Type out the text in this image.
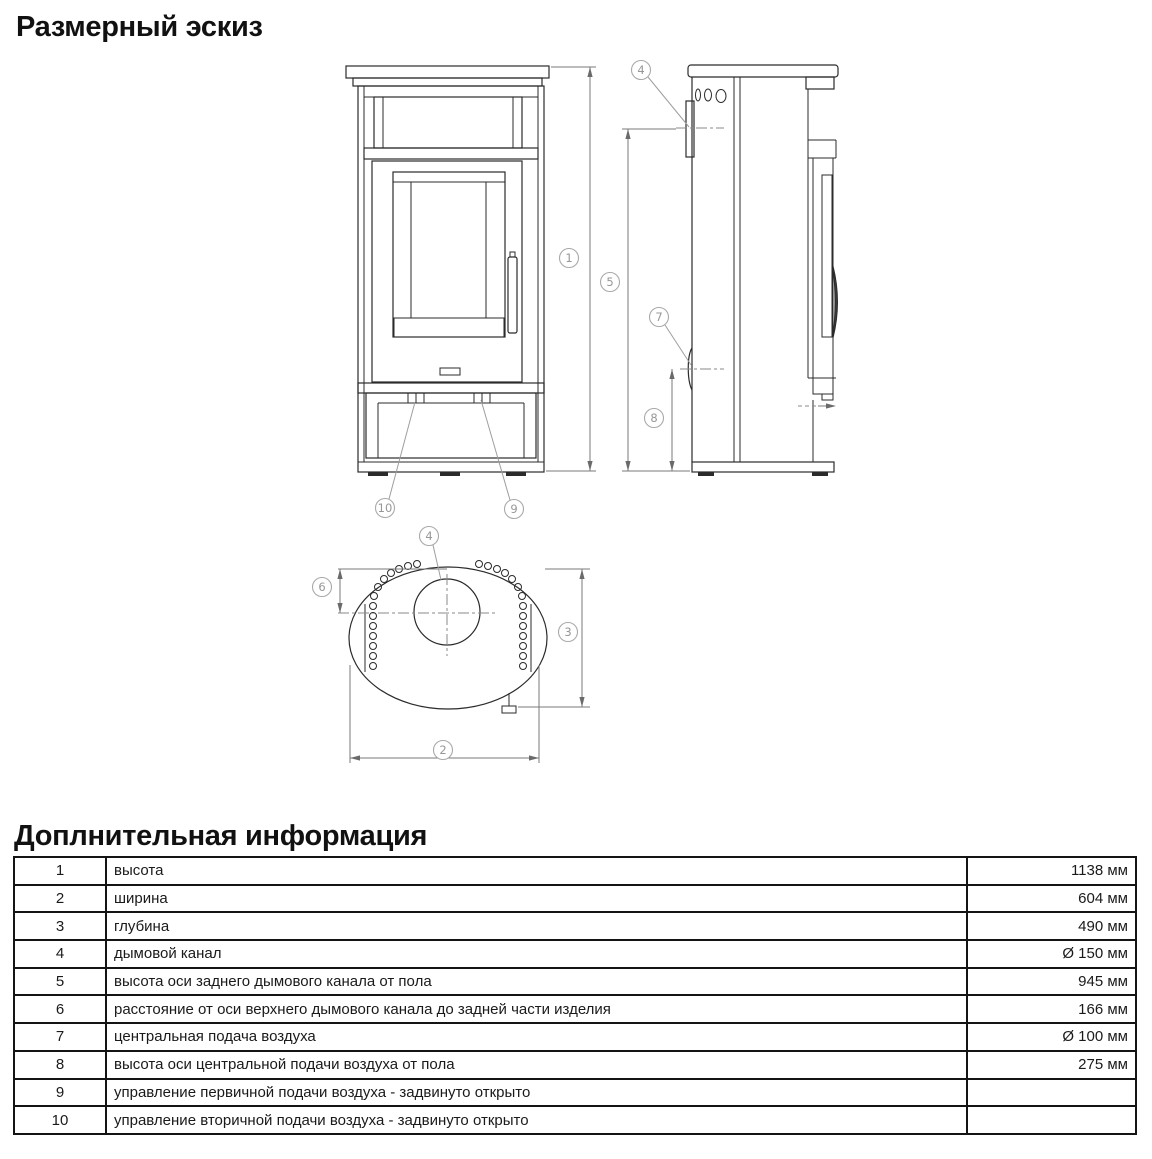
Размерный эскиз
1
4
5
7
8
10	9
4
6
3
2
Доплнительная информация
1	высота	1138 мм
2	ширина	604 мм
3	глубина	490 мм
4	дымовой канал	Ø 150 мм
5	высота оси заднего дымового канала от пола	945 мм
6	расстояние от оси верхнего дымового канала до задней части изделия	166 мм
7	центральная подача воздуха	Ø 100 мм
8	высота оси центральной подачи воздуха от пола	275 мм
9	управление первичной подачи воздуха - задвинуто открыто	
10	управление вторичной подачи воздуха - задвинуто открыто	
